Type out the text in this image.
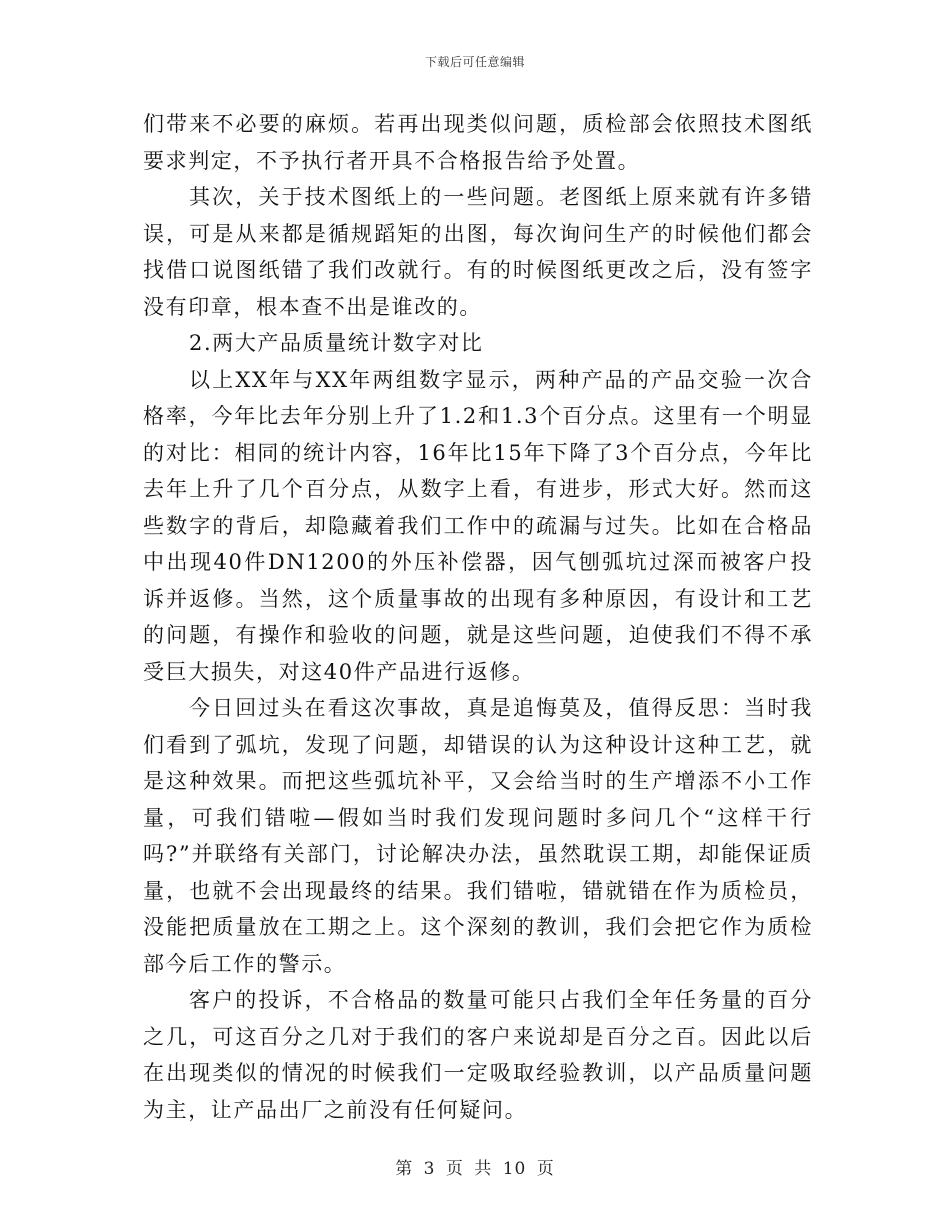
下载后可任意编辑

们带来不必要的麻烦。若再出现类似问题，质检部会依照技术图纸要求判定，不予执行者开具不合格报告给予处置。

其次，关于技术图纸上的一些问题。老图纸上原来就有许多错误，可是从来都是循规蹈矩的出图，每次询问生产的时候他们都会找借口说图纸错了我们改就行。有的时候图纸更改之后，没有签字没有印章，根本查不出是谁改的。

2.两大产品质量统计数字对比

以上XX年与XX年两组数字显示，两种产品的产品交验一次合格率，今年比去年分别上升了1.2和1.3个百分点。这里有一个明显的对比：相同的统计内容，16年比15年下降了3个百分点，今年比去年上升了几个百分点，从数字上看，有进步，形式大好。然而这些数字的背后，却隐藏着我们工作中的疏漏与过失。比如在合格品中出现40件DN1200的外压补偿器，因气刨弧坑过深而被客户投诉并返修。当然，这个质量事故的出现有多种原因，有设计和工艺的问题，有操作和验收的问题，就是这些问题，迫使我们不得不承受巨大损失，对这40件产品进行返修。

今日回过头在看这次事故，真是追悔莫及，值得反思：当时我们看到了弧坑，发现了问题，却错误的认为这种设计这种工艺，就是这种效果。而把这些弧坑补平，又会给当时的生产增添不小工作量，可我们错啦—假如当时我们发现问题时多问几个“这样干行吗?”并联络有关部门，讨论解决办法，虽然耽误工期，却能保证质量，也就不会出现最终的结果。我们错啦，错就错在作为质检员，没能把质量放在工期之上。这个深刻的教训，我们会把它作为质检部今后工作的警示。

客户的投诉，不合格品的数量可能只占我们全年任务量的百分之几，可这百分之几对于我们的客户来说却是百分之百。因此以后在出现类似的情况的时候我们一定吸取经验教训，以产品质量问题为主，让产品出厂之前没有任何疑问。

第 3 页 共 10 页
